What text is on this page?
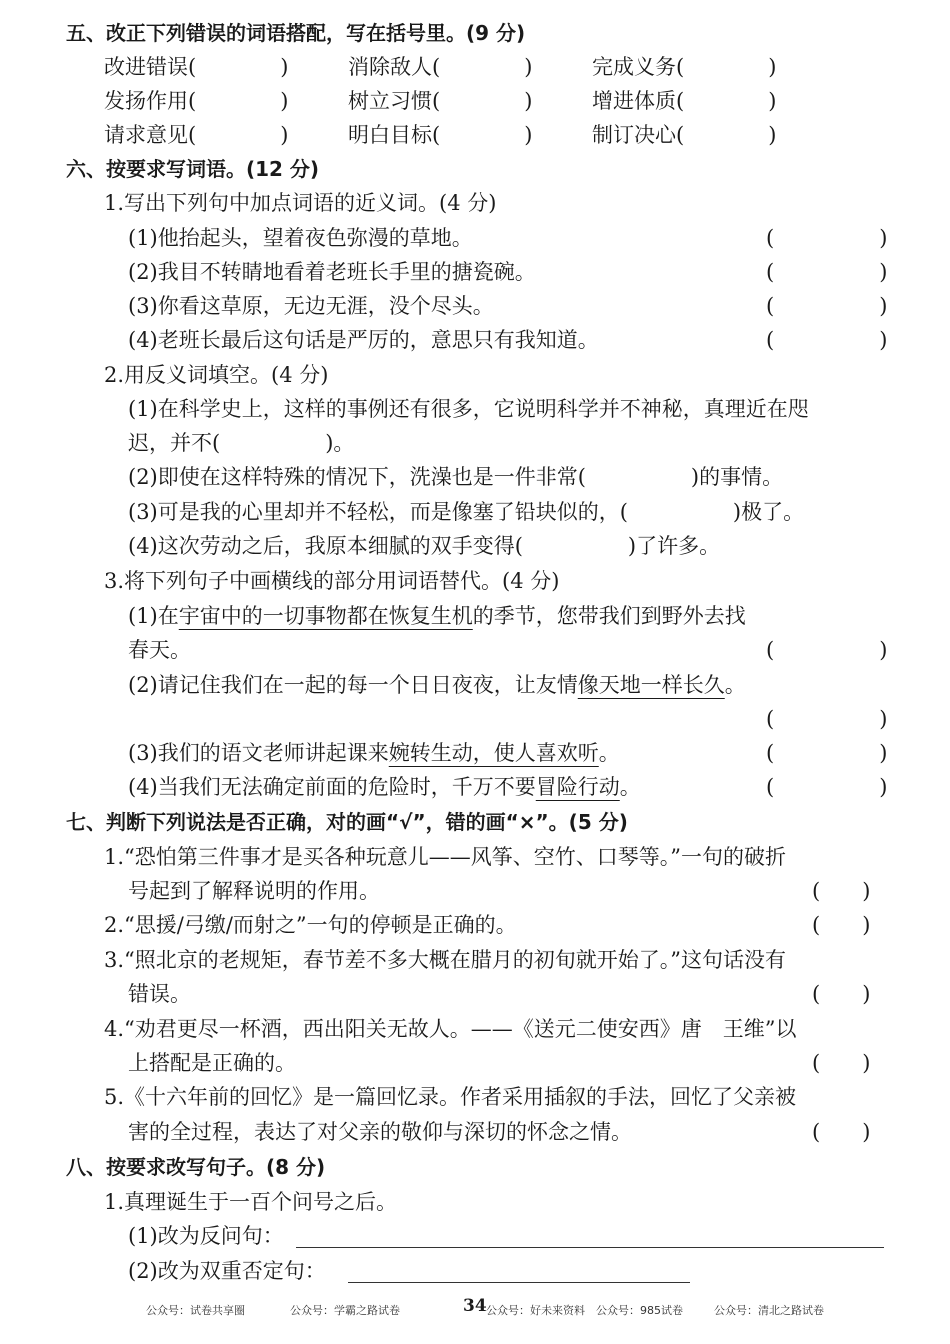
五、改正下列错误的词语搭配，写在括号里。(9 分)
改进错误(　　　　)	消除敌人(　　　　)	完成义务(　　　　)
发扬作用(　　　　)	树立习惯(　　　　)	增进体质(　　　　)
请求意见(　　　　)	明白目标(　　　　)	制订决心(　　　　)
六、按要求写词语。(12 分)
1.写出下列句中加点词语的近义词。(4 分)
(1)他抬起头，望着夜色弥漫的草地。	(　　　　　)
(2)我目不转睛地看着老班长手里的搪瓷碗。	(　　　　　)
(3)你看这草原，无边无涯，没个尽头。	(　　　　　)
(4)老班长最后这句话是严厉的，意思只有我知道。	(　　　　　)
2.用反义词填空。(4 分)
(1)在科学史上，这样的事例还有很多，它说明科学并不神秘，真理近在咫
迟，并不(　　　　　)。
(2)即使在这样特殊的情况下，洗澡也是一件非常(　　　　　)的事情。
(3)可是我的心里却并不轻松，而是像塞了铅块似的，(　　　　　)极了。
(4)这次劳动之后，我原本细腻的双手变得(　　　　　)了许多。
3.将下列句子中画横线的部分用词语替代。(4 分)
(1)在宇宙中的一切事物都在恢复生机的季节，您带我们到野外去找
春天。	(　　　　　)
(2)请记住我们在一起的每一个日日夜夜，让友情像天地一样长久。
(　　　　　)
(3)我们的语文老师讲起课来婉转生动，使人喜欢听。	(　　　　　)
(4)当我们无法确定前面的危险时，千万不要冒险行动。	(　　　　　)
七、判断下列说法是否正确，对的画“√”，错的画“×”。(5 分)
1.“恐怕第三件事才是买各种玩意儿——风筝、空竹、口琴等。”一句的破折
号起到了解释说明的作用。	(　　)
2.“思援/弓缴/而射之”一句的停顿是正确的。	(　　)
3.“照北京的老规矩，春节差不多大概在腊月的初旬就开始了。”这句话没有
错误。	(　　)
4.“劝君更尽一杯酒，西出阳关无故人。——《送元二使安西》唐　王维”以
上搭配是正确的。	(　　)
5.《十六年前的回忆》是一篇回忆录。作者采用插叙的手法，回忆了父亲被
害的全过程，表达了对父亲的敬仰与深切的怀念之情。	(　　)
八、按要求改写句子。(8 分)
1.真理诞生于一百个问号之后。
(1)改为反问句：
(2)改为双重否定句：
34
公众号：试卷共享圈	公众号：学霸之路试卷	公众号：好未来资料 公众号：985试卷	公众号：清北之路试卷
